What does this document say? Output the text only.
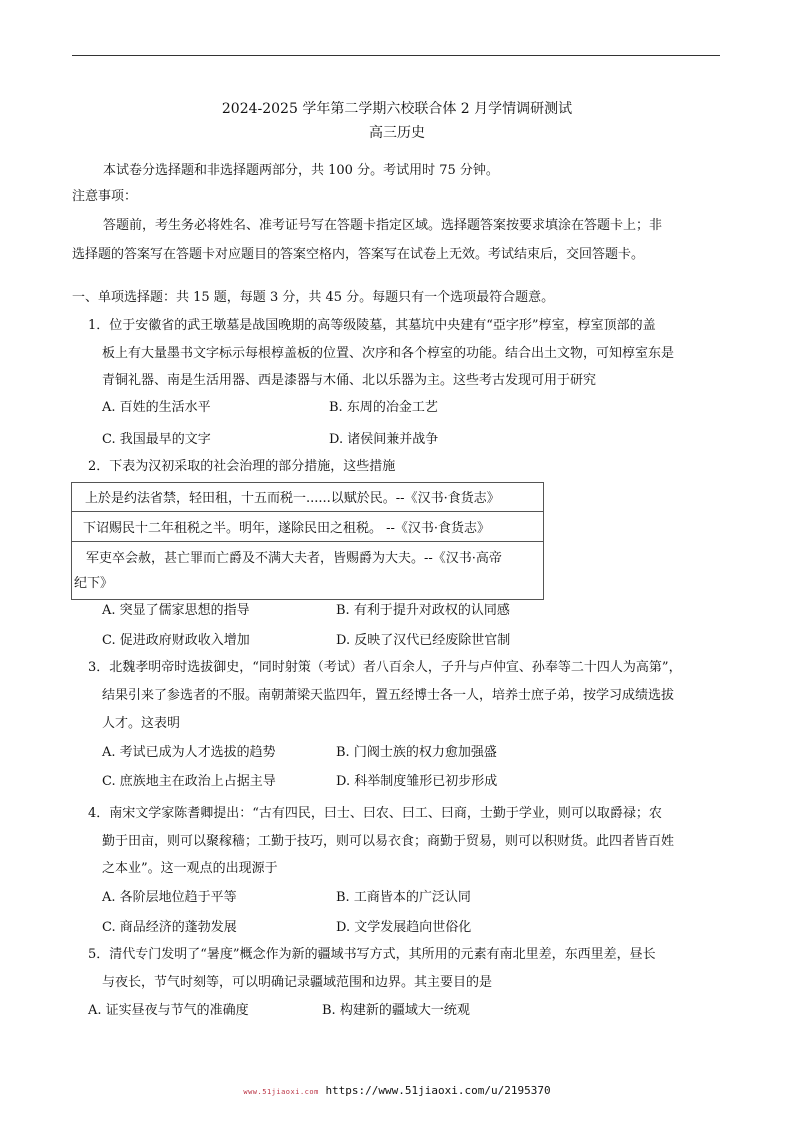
2024-2025 学年第二学期六校联合体 2 月学情调研测试
高三历史
本试卷分选择题和非选择题两部分，共 100 分。考试用时 75 分钟。
注意事项：
答题前，考生务必将姓名、准考证号写在答题卡指定区域。选择题答案按要求填涂在答题卡上；非
选择题的答案写在答题卡对应题目的答案空格内，答案写在试卷上无效。考试结束后，交回答题卡。
一、单项选择题：共 15 题，每题 3 分，共 45 分。每题只有一个选项最符合题意。
1．位于安徽省的武王墩墓是战国晚期的高等级陵墓，其墓坑中央建有“亞字形”椁室，椁室顶部的盖
板上有大量墨书文字标示每根椁盖板的位置、次序和各个椁室的功能。结合出土文物，可知椁室东是
青铜礼器、南是生活用器、西是漆器与木俑、北以乐器为主。这些考古发现可用于研究
A. 百姓的生活水平	B. 东周的冶金工艺
C. 我国最早的文字	D. 诸侯间兼并战争
2．下表为汉初采取的社会治理的部分措施，这些措施
上於是约法省禁，轻田租，十五而税一......以赋於民。--《汉书·食货志》
下诏赐民十二年租税之半。明年，遂除民田之租税。 --《汉书·食货志》
军吏卒会赦，甚亡罪而亡爵及不满大夫者，皆赐爵为大夫。--《汉书·高帝
纪下》
A. 突显了儒家思想的指导	B. 有利于提升对政权的认同感
C. 促进政府财政收入增加	D. 反映了汉代已经废除世官制
3．北魏孝明帝时选拔御史，“同时射策（考试）者八百余人，子升与卢仲宣、孙奉等二十四人为高第”，
结果引来了参选者的不服。南朝萧梁天监四年，置五经博士各一人，培养士庶子弟，按学习成绩选拔
人才。这表明
A. 考试已成为人才选拔的趋势	B. 门阀士族的权力愈加强盛
C. 庶族地主在政治上占据主导	D. 科举制度雏形已初步形成
4．南宋文学家陈耆卿提出：“古有四民，曰士、曰农、曰工、曰商，士勤于学业，则可以取爵禄；农
勤于田亩，则可以聚稼穑；工勤于技巧，则可以易衣食；商勤于贸易，则可以积财货。此四者皆百姓
之本业”。这一观点的出现源于
A. 各阶层地位趋于平等	B. 工商皆本的广泛认同
C. 商品经济的蓬勃发展	D. 文学发展趋向世俗化
5．清代专门发明了“暑度”概念作为新的疆域书写方式，其所用的元素有南北里差，东西里差，昼长
与夜长，节气时刻等，可以明确记录疆域范围和边界。其主要目的是
A. 证实昼夜与节气的准确度	B. 构建新的疆域大一统观
www.51jiaoxi.com https://www.51jiaoxi.com/u/2195370
